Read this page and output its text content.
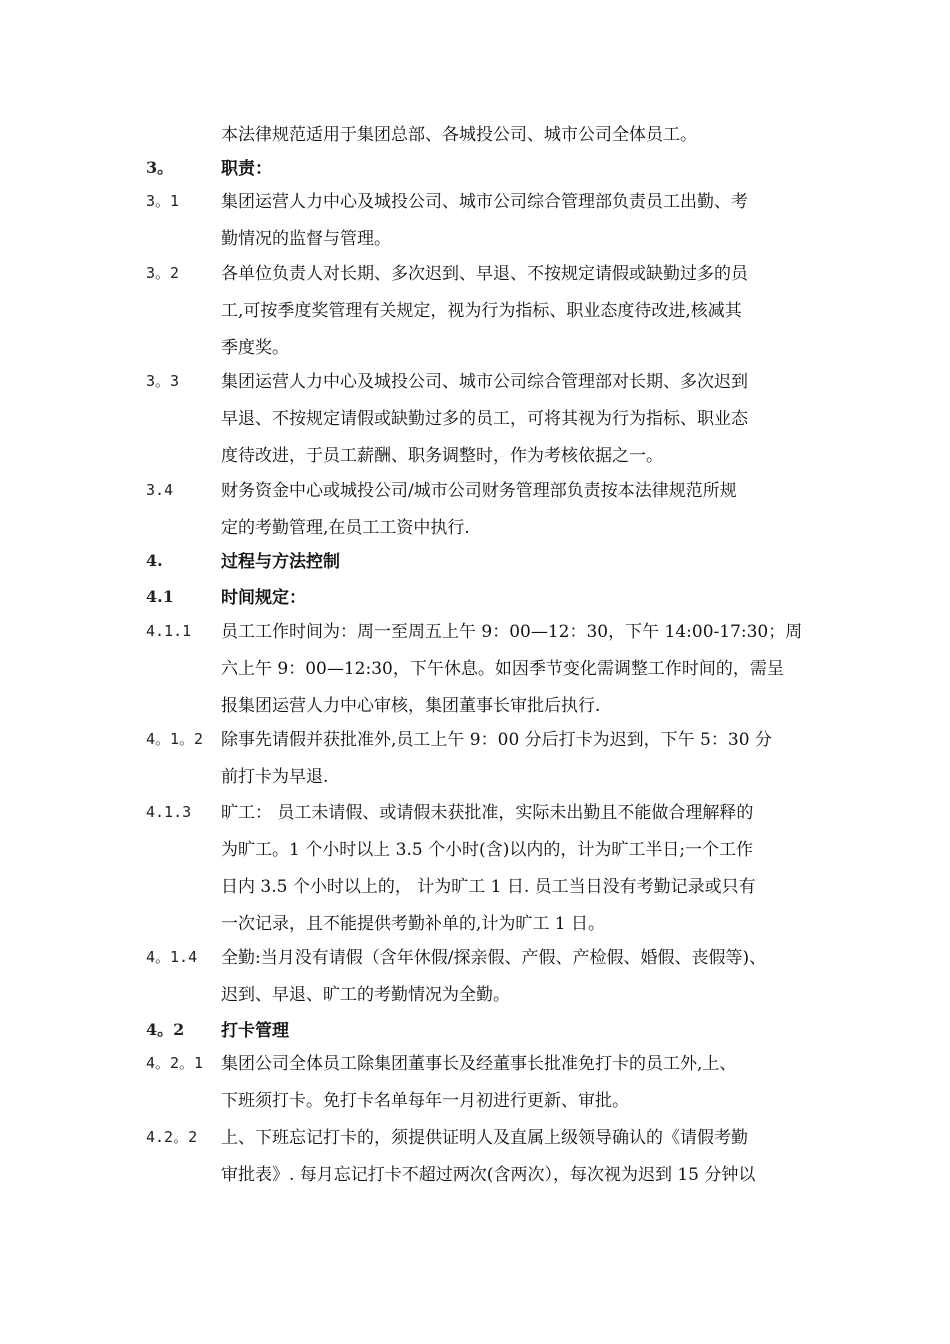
本法律规范适用于集团总部、各城投公司、城市公司全体员工。
3。	职责：
3。1 集团运营人力中心及城投公司、城市公司综合管理部负责员工出勤、考
勤情况的监督与管理。
3。2 各单位负责人对长期、多次迟到、早退、不按规定请假或缺勤过多的员
工,可按季度奖管理有关规定，视为行为指标、职业态度待改进,核减其
季度奖。
3。3 集团运营人力中心及城投公司、城市公司综合管理部对长期、多次迟到
早退、不按规定请假或缺勤过多的员工，可将其视为行为指标、职业态
度待改进，于员工薪酬、职务调整时，作为考核依据之一。
3.4	财务资金中心或城投公司/城市公司财务管理部负责按本法律规范所规
定的考勤管理,在员工工资中执行.
4.	过程与方法控制
4.1	时间规定：
4.1.1 员工工作时间为：周一至周五上午 9：00—12：30，下午 14:00-17:30；周
六上午 9：00—12:30，下午休息。如因季节变化需调整工作时间的，需呈
报集团运营人力中心审核，集团董事长审批后执行.
4。1。2 除事先请假并获批准外,员工上午 9：00 分后打卡为迟到，下午 5：30 分
前打卡为早退.
4.1.3 旷工： 员工未请假、或请假未获批准，实际未出勤且不能做合理解释的
为旷工。1 个小时以上 3.5 个小时(含)以内的，计为旷工半日;一个工作
日内 3.5 个小时以上的， 计为旷工 1 日. 员工当日没有考勤记录或只有
一次记录，且不能提供考勤补单的,计为旷工 1 日。
4。1.4 全勤:当月没有请假（含年休假/探亲假、产假、产检假、婚假、丧假等)、
迟到、早退、旷工的考勤情况为全勤。
4。2 打卡管理
4。2。1 集团公司全体员工除集团董事长及经董事长批准免打卡的员工外,上、
下班须打卡。免打卡名单每年一月初进行更新、审批。
4.2。2 上、下班忘记打卡的，须提供证明人及直属上级领导确认的《请假考勤
审批表》. 每月忘记打卡不超过两次(含两次），每次视为迟到 15 分钟以
